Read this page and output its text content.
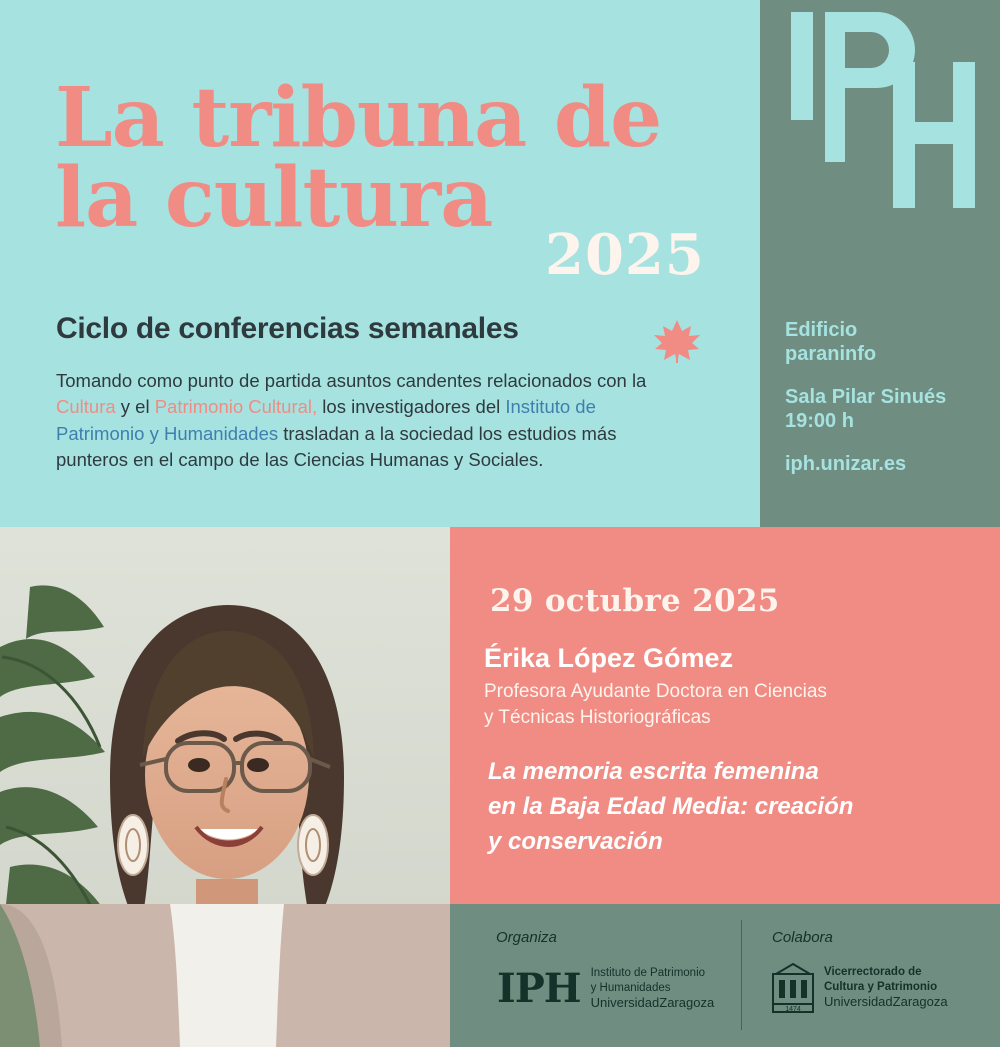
La tribuna de
la cultura
2025
Ciclo de conferencias semanales
Tomando como punto de partida asuntos candentes relacionados con la Cultura y el Patrimonio Cultural, los investigadores del Instituto de Patrimonio y Humanidades trasladan a la sociedad los estudios más punteros en el campo de las Ciencias Humanas y Sociales.
Edificio
paraninfo
Sala Pilar Sinués
19:00 h
iph.unizar.es
29 octubre 2025
Érika López Gómez
Profesora Ayudante Doctora en Ciencias
y Técnicas Historiográficas
La memoria escrita femenina
en la Baja Edad Media: creación
y conservación
Organiza	Colabora
IPH Instituto de Patrimonio
y Humanidades
UniversidadZaragoza	1474
Vicerrectorado de
Cultura y Patrimonio
UniversidadZaragoza
